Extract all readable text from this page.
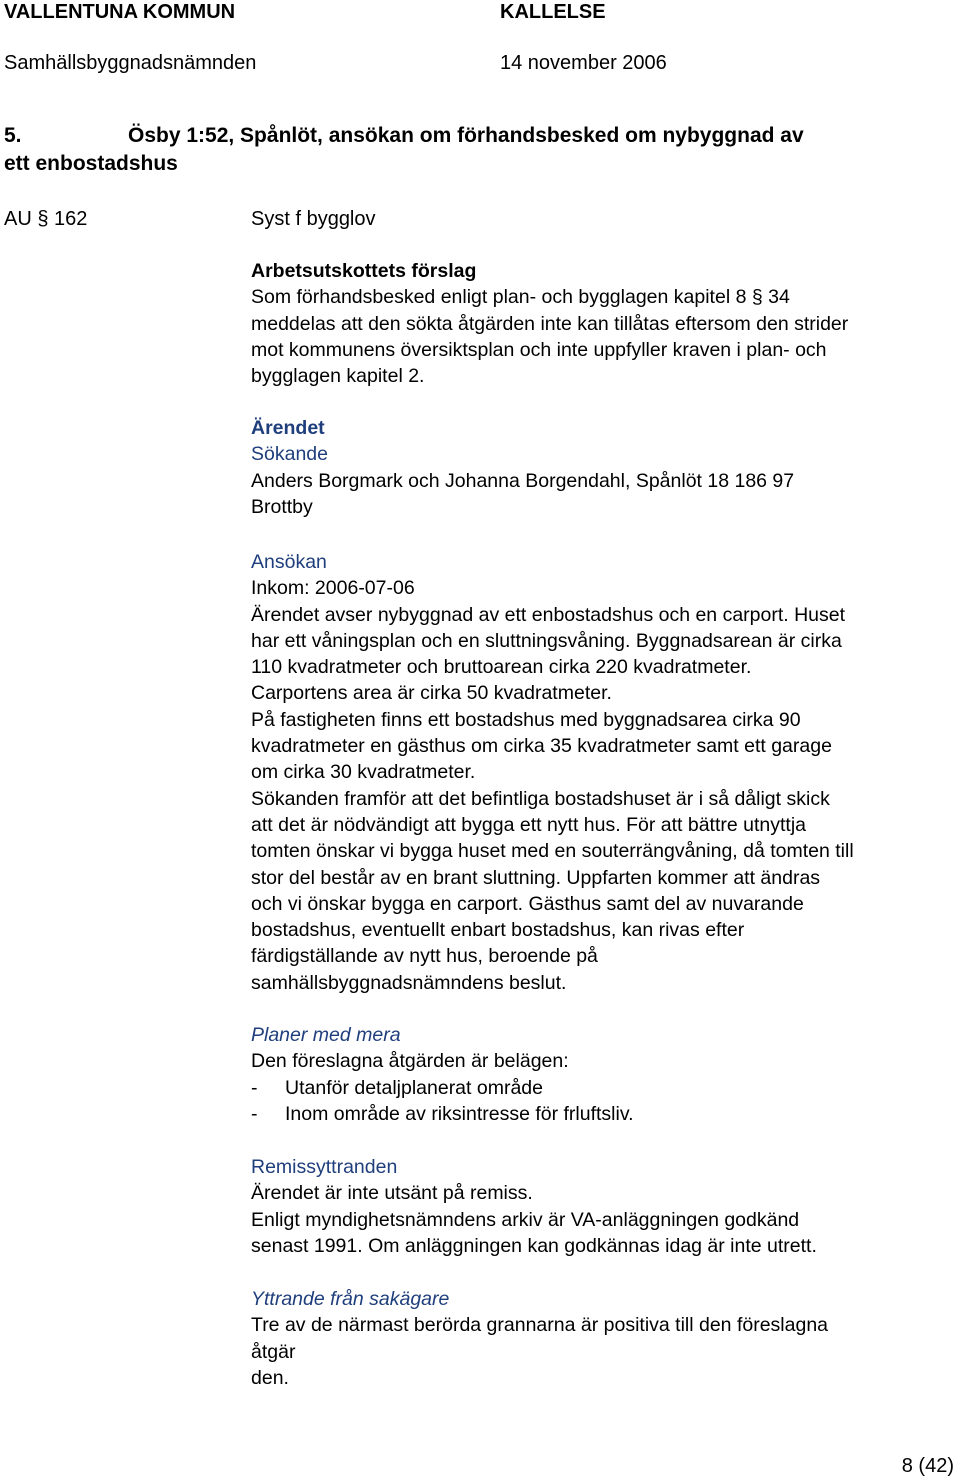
VALLENTUNA KOMMUN	KALLELSE
Samhällsbyggnadsnämnden	14 november 2006
5.	Ösby 1:52, Spånlöt, ansökan om förhandsbesked om nybyggnad av
ett enbostadshus
AU § 162	Syst f bygglov
Arbetsutskottets förslag
Som förhandsbesked enligt plan- och bygglagen kapitel 8 § 34
meddelas att den sökta åtgärden inte kan tillåtas eftersom den strider
mot kommunens översiktsplan och inte uppfyller kraven i plan- och
bygglagen kapitel 2.
Ärendet
Sökande
Anders Borgmark och Johanna Borgendahl, Spånlöt 18 186 97
Brottby
Ansökan
Inkom: 2006-07-06
Ärendet avser nybyggnad av ett enbostadshus och en carport. Huset
har ett våningsplan och en sluttningsvåning. Byggnadsarean är cirka
110 kvadratmeter och bruttoarean cirka 220 kvadratmeter.
Carportens area är cirka 50 kvadratmeter.
På fastigheten finns ett bostadshus med byggnadsarea cirka 90
kvadratmeter en gästhus om cirka 35 kvadratmeter samt ett garage
om cirka 30 kvadratmeter.
Sökanden framför att det befintliga bostadshuset är i så dåligt skick
att det är nödvändigt att bygga ett nytt hus. För att bättre utnyttja
tomten önskar vi bygga huset med en souterrängvåning, då tomten till
stor del består av en brant sluttning. Uppfarten kommer att ändras
och vi önskar bygga en carport. Gästhus samt del av nuvarande
bostadshus, eventuellt enbart bostadshus, kan rivas efter
färdigställande av nytt hus, beroende på
samhällsbyggnadsnämndens beslut.
Planer med mera
Den föreslagna åtgärden är belägen:
-	Utanför detaljplanerat område
-	Inom område av riksintresse för frluftsliv.
Remissyttranden
Ärendet är inte utsänt på remiss.
Enligt myndighetsnämndens arkiv är VA-anläggningen godkänd
senast 1991. Om anläggningen kan godkännas idag är inte utrett.
Yttrande från sakägare
Tre av de närmast berörda grannarna är positiva till den föreslagna
åtgär
den.
8 (42)
